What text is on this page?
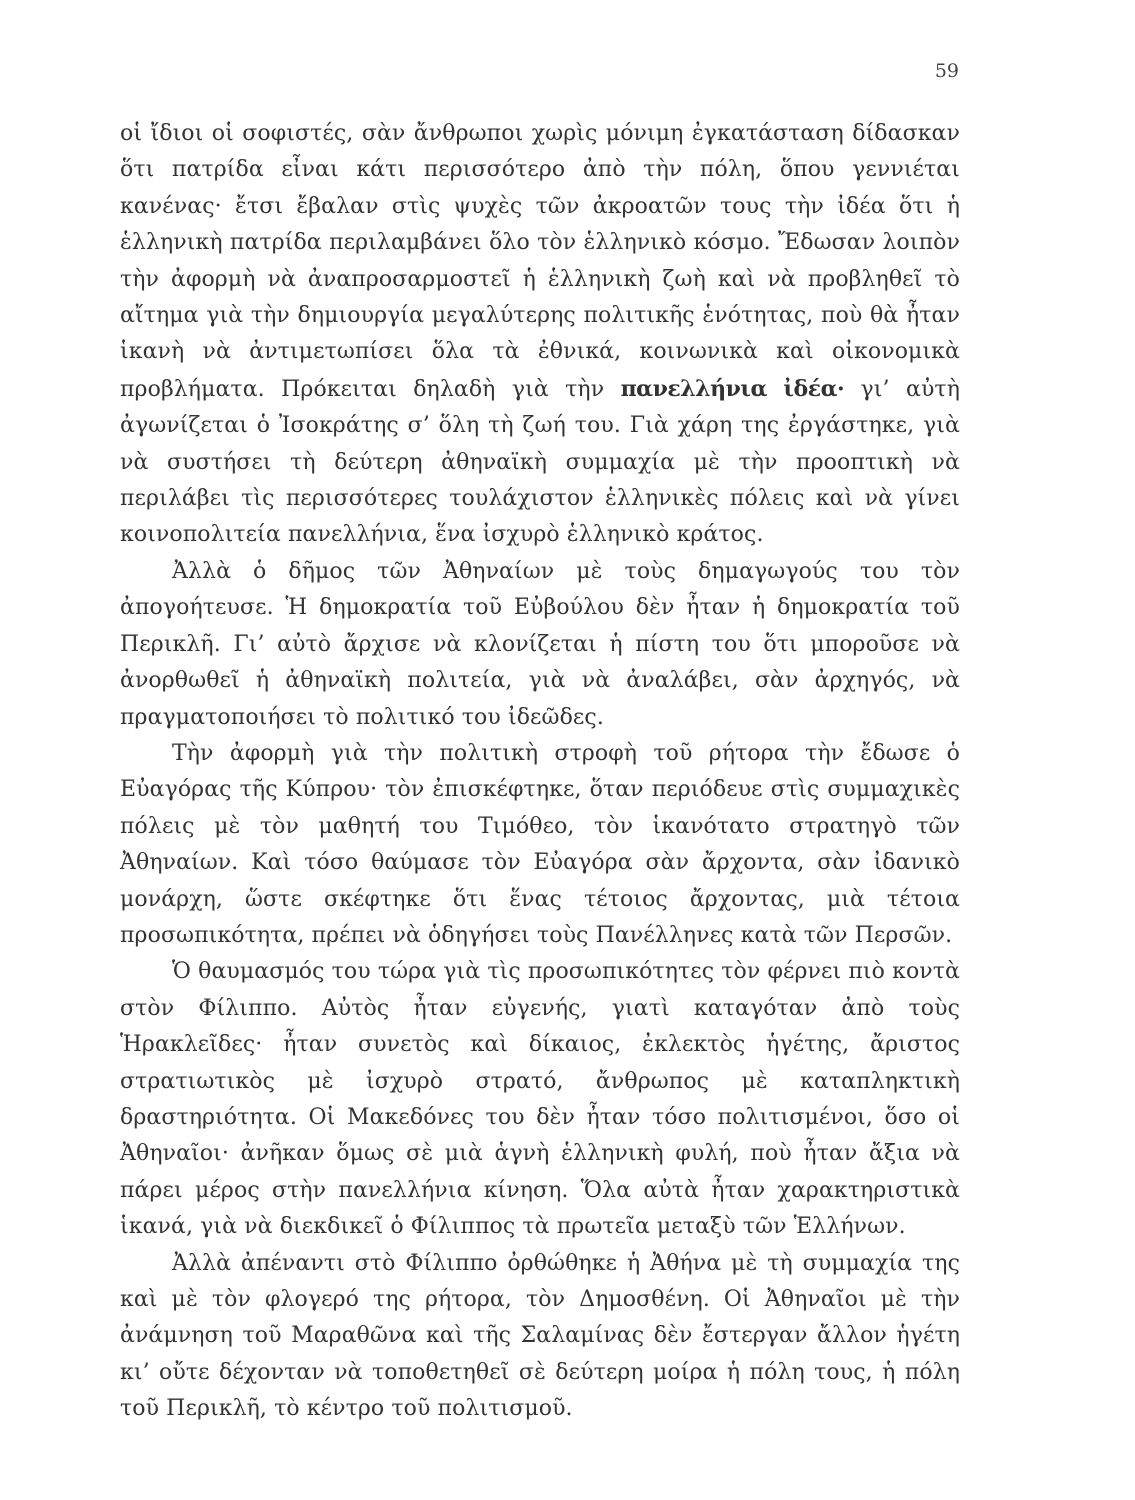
59

οἱ ἴδιοι οἱ σοφιστές, σὰν ἄνθρωποι χωρὶς μόνιμη ἐγκατάσταση δίδασκαν ὅτι πατρίδα εἶναι κάτι περισσότερο ἀπὸ τὴν πόλη, ὅπου γεννιέται κανένας· ἔτσι ἔβαλαν στὶς ψυχὲς τῶν ἀκροατῶν τους τὴν ἰδέα ὅτι ἡ ἑλληνικὴ πατρίδα περιλαμβάνει ὅλο τὸν ἑλληνικὸ κόσμο. Ἔδωσαν λοιπὸν τὴν ἀφορμὴ νὰ ἀναπροσαρμοστεῖ ἡ ἑλληνικὴ ζωὴ καὶ νὰ προβληθεῖ τὸ αἴτημα γιὰ τὴν δημιουργία μεγαλύτερης πολιτικῆς ἑνότητας, ποὺ θὰ ἦταν ἱκανὴ νὰ ἀντιμετωπίσει ὅλα τὰ ἐθνικά, κοινωνικὰ καὶ οἰκονομικὰ προβλήματα. Πρόκειται δηλαδὴ γιὰ τὴν πανελλήνια ἰδέα· γι’ αὐτὴ ἀγωνίζεται ὁ Ἰσοκράτης σ’ ὅλη τὴ ζωή του. Γιὰ χάρη της ἐργάστηκε, γιὰ νὰ συστήσει τὴ δεύτερη ἀθηναϊκὴ συμμαχία μὲ τὴν προοπτικὴ νὰ περιλάβει τὶς περισσότερες τουλάχιστον ἑλληνικὲς πόλεις καὶ νὰ γίνει κοινοπολιτεία πανελλήνια, ἕνα ἰσχυρὸ ἑλληνικὸ κράτος.

Ἀλλὰ ὁ δῆμος τῶν Ἀθηναίων μὲ τοὺς δημαγωγούς του τὸν ἀπογοήτευσε. Ἡ δημοκρατία τοῦ Εὐβούλου δὲν ἦταν ἡ δημοκρατία τοῦ Περικλῆ. Γι’ αὐτὸ ἄρχισε νὰ κλονίζεται ἡ πίστη του ὅτι μποροῦσε νὰ ἀνορθωθεῖ ἡ ἀθηναϊκὴ πολιτεία, γιὰ νὰ ἀναλάβει, σὰν ἀρχηγός, νὰ πραγματοποιήσει τὸ πολιτικό του ἰδεῶδες.

Τὴν ἀφορμὴ γιὰ τὴν πολιτικὴ στροφὴ τοῦ ρήτορα τὴν ἔδωσε ὁ Εὐαγόρας τῆς Κύπρου· τὸν ἐπισκέφτηκε, ὅταν περιόδευε στὶς συμμαχικὲς πόλεις μὲ τὸν μαθητή του Τιμόθεο, τὸν ἱκανότατο στρατηγὸ τῶν Ἀθηναίων. Καὶ τόσο θαύμασε τὸν Εὐαγόρα σὰν ἄρχοντα, σὰν ἰδανικὸ μονάρχη, ὥστε σκέφτηκε ὅτι ἕνας τέτοιος ἄρχοντας, μιὰ τέτοια προσωπικότητα, πρέπει νὰ ὁδηγήσει τοὺς Πανέλληνες κατὰ τῶν Περσῶν.

Ὁ θαυμασμός του τώρα γιὰ τὶς προσωπικότητες τὸν φέρνει πιὸ κοντὰ στὸν Φίλιππο. Αὐτὸς ἦταν εὐγενής, γιατὶ καταγόταν ἀπὸ τοὺς Ἡρακλεῖδες· ἦταν συνετὸς καὶ δίκαιος, ἐκλεκτὸς ἡγέτης, ἄριστος στρατιωτικὸς μὲ ἰσχυρὸ στρατό, ἄνθρωπος μὲ καταπληκτικὴ δραστηριότητα. Οἱ Μακεδόνες του δὲν ἦταν τόσο πολιτισμένοι, ὅσο οἱ Ἀθηναῖοι· ἀνῆκαν ὅμως σὲ μιὰ ἁγνὴ ἑλληνικὴ φυλή, ποὺ ἦταν ἄξια νὰ πάρει μέρος στὴν πανελλήνια κίνηση. Ὅλα αὐτὰ ἦταν χαρακτηριστικὰ ἱκανά, γιὰ νὰ διεκδικεῖ ὁ Φίλιππος τὰ πρωτεῖα μεταξὺ τῶν Ἑλλήνων.

Ἀλλὰ ἀπέναντι στὸ Φίλιππο ὀρθώθηκε ἡ Ἀθήνα μὲ τὴ συμμαχία της καὶ μὲ τὸν φλογερό της ρήτορα, τὸν Δημοσθένη. Οἱ Ἀθηναῖοι μὲ τὴν ἀνάμνηση τοῦ Μαραθῶνα καὶ τῆς Σαλαμίνας δὲν ἔστεργαν ἄλλον ἡγέτη κι’ οὔτε δέχονταν νὰ τοποθετηθεῖ σὲ δεύτερη μοίρα ἡ πόλη τους, ἡ πόλη τοῦ Περικλῆ, τὸ κέντρο τοῦ πολιτισμοῦ.
